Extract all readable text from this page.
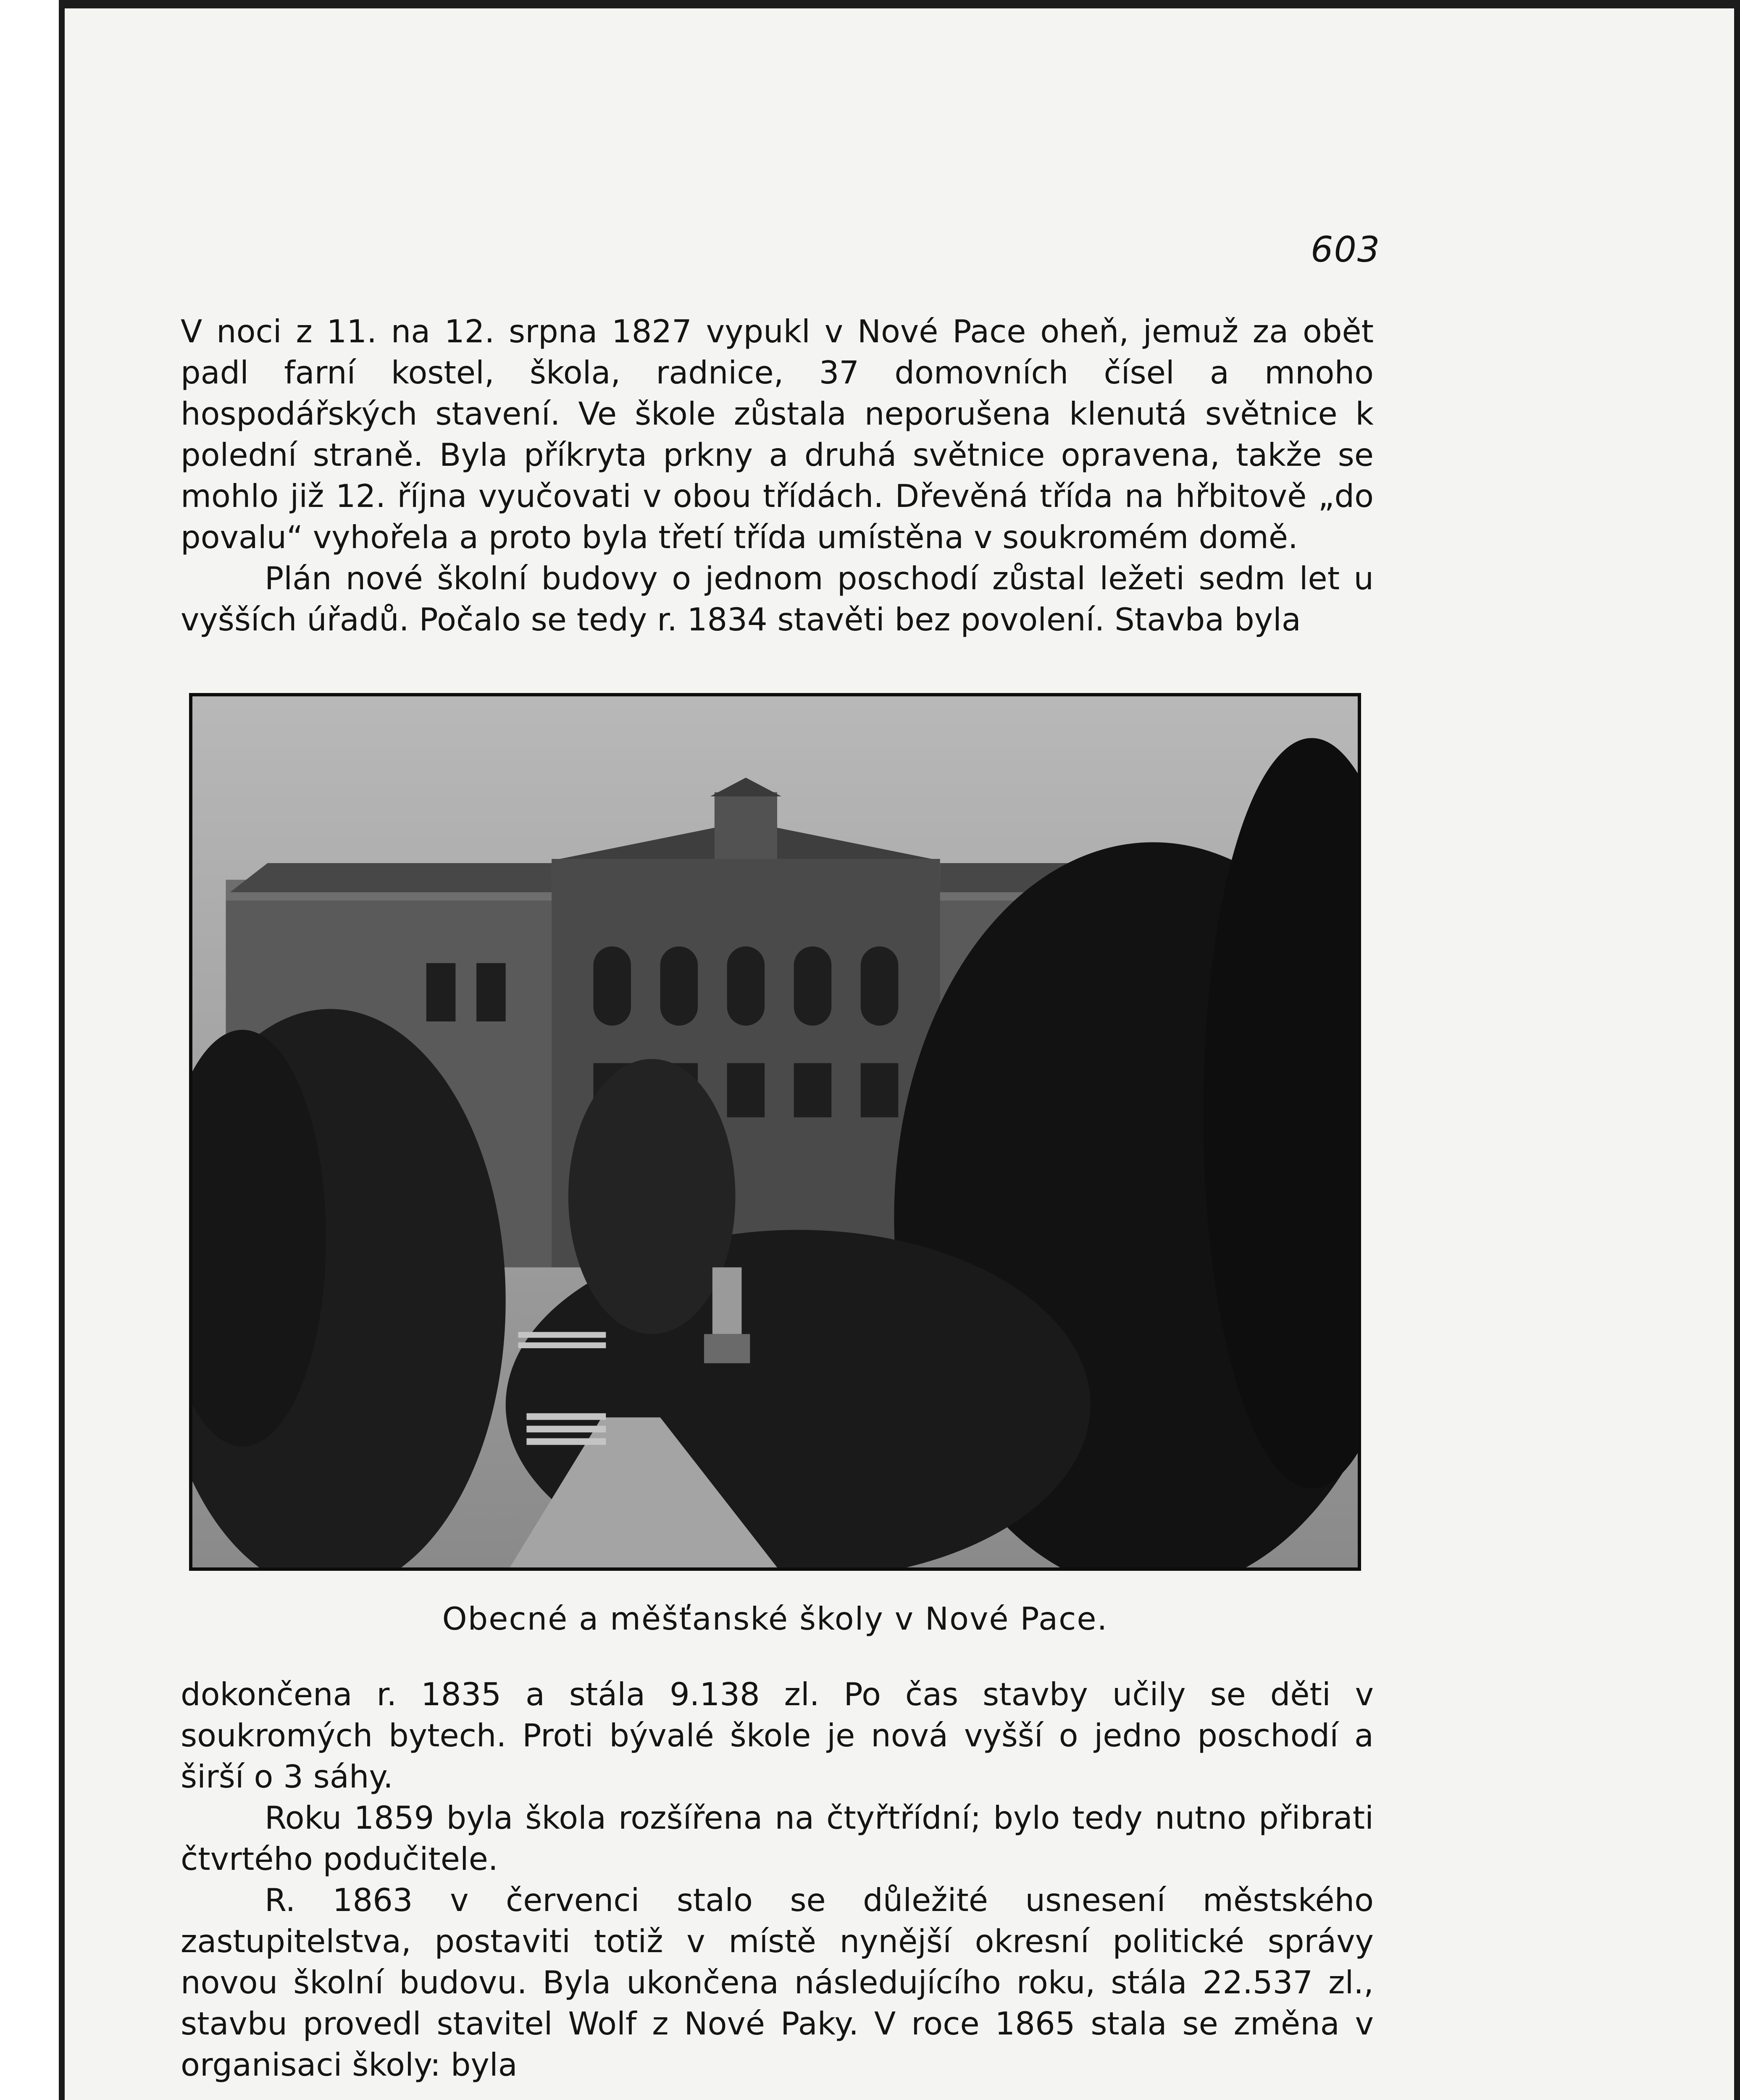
603

V noci z 11. na 12. srpna 1827 vypukl v Nové Pace oheň, jemuž za obět padl farní kostel, škola, radnice, 37 domovních čísel a mnoho hospodářských stavení. Ve škole zůstala neporušena klenutá světnice k polední straně. Byla příkryta prkny a druhá světnice opravena, takže se mohlo již 12. října vyučovati v obou třídách. Dřevěná třída na hřbitově „do povalu“ vyhořela a proto byla třetí třída umístěna v soukromém domě.

Plán nové školní budovy o jednom poschodí zůstal ležeti sedm let u vyšších úřadů. Počalo se tedy r. 1834 stavěti bez povolení. Stavba byla

Obecné a měšťanské školy v Nové Pace.

dokončena r. 1835 a stála 9.138 zl. Po čas stavby učily se děti v soukromých bytech. Proti bývalé škole je nová vyšší o jedno poschodí a širší o 3 sáhy.

Roku 1859 byla škola rozšířena na čtyřtřídní; bylo tedy nutno přibrati čtvrtého podučitele.

R. 1863 v červenci stalo se důležité usnesení městského zastupitelstva, postaviti totiž v místě nynější okresní politické správy novou školní budovu. Byla ukončena následujícího roku, stála 22.537 zl., stavbu provedl stavitel Wolf z Nové Paky. V roce 1865 stala se změna v organisaci školy: byla
